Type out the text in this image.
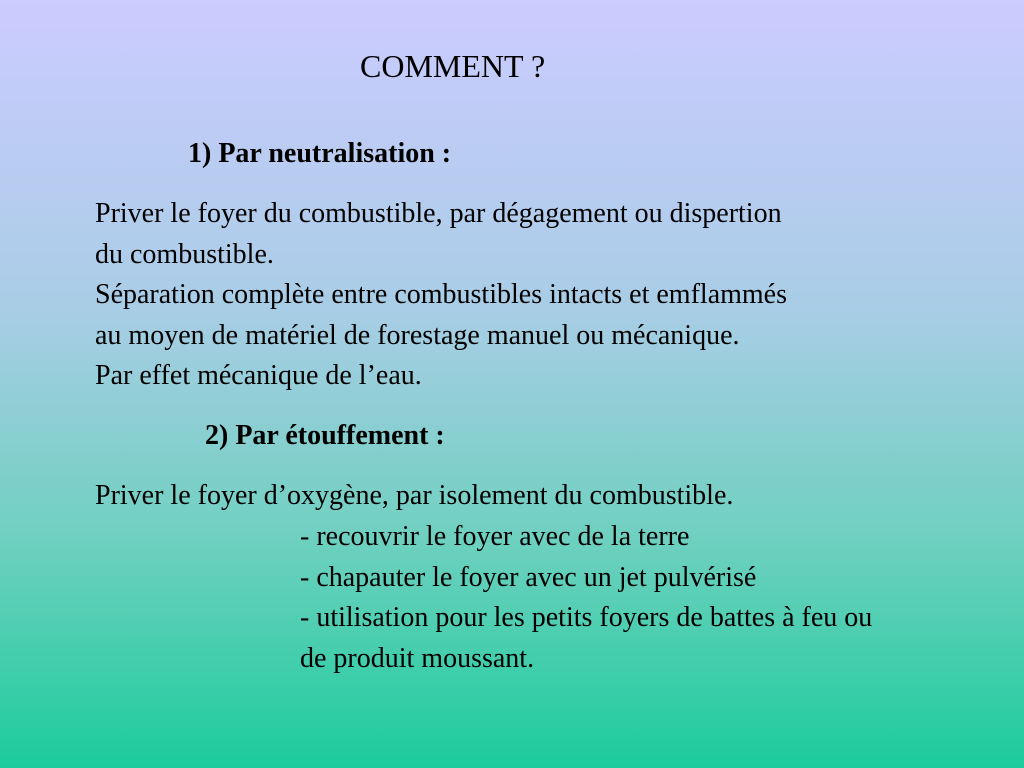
COMMENT ?
1) Par neutralisation :
Priver le foyer du combustible, par dégagement ou dispertion
du combustible.
Séparation complète entre combustibles intacts et emflammés
au moyen de matériel de forestage manuel ou mécanique.
Par effet mécanique de l’eau.
2) Par étouffement :
Priver le foyer d’oxygène, par isolement du combustible.
- recouvrir le foyer avec de la terre
- chapauter le foyer avec un jet pulvérisé
- utilisation pour les petits foyers de battes à feu ou
de produit moussant.
